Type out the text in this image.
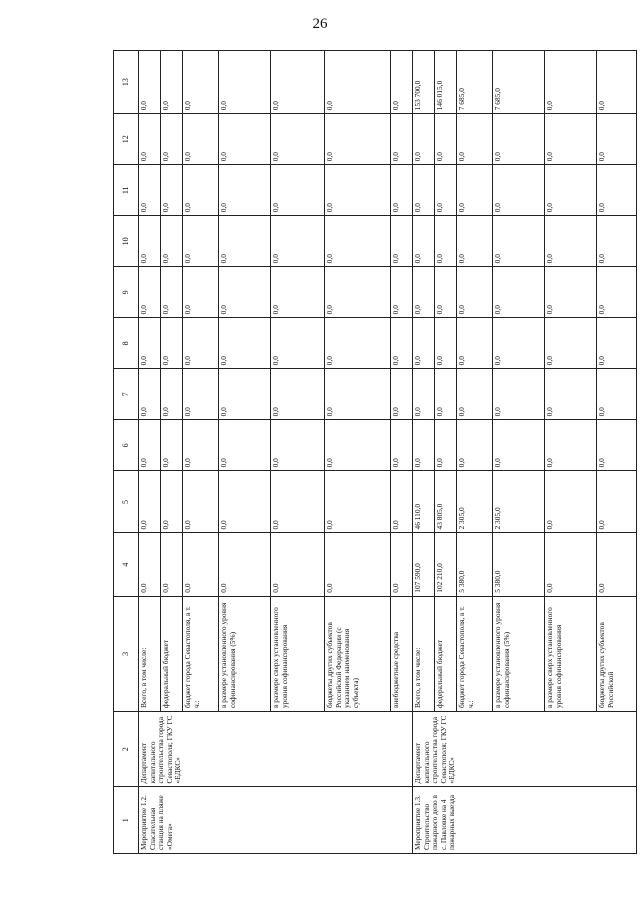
26
1	2	3	4	5	6	7	8	9	10	11	12	13
Мероприятие 1.2. Спасательная станция на пляже «Омега»	Департамент капитального строительства города Севастополя; ГКУ ГС «ЕДКС»	Всего, в том числе:	0,0	0,0	0,0	0,0	0,0	0,0	0,0	0,0	0,0	0,0
		федеральный бюджет	0,0	0,0	0,0	0,0	0,0	0,0	0,0	0,0	0,0	0,0
		бюджет города Севастополя, в т. ч.:	0,0	0,0	0,0	0,0	0,0	0,0	0,0	0,0	0,0	0,0
		в размере установленного уровня софинансирования (5%)	0,0	0,0	0,0	0,0	0,0	0,0	0,0	0,0	0,0	0,0
		в размере сверх установленного уровня софинансирования	0,0	0,0	0,0	0,0	0,0	0,0	0,0	0,0	0,0	0,0
		бюджеты других субъектов Российской Федерации (с указанием наименования субъекта)	0,0	0,0	0,0	0,0	0,0	0,0	0,0	0,0	0,0	0,0
		внебюджетные средства	0,0	0,0	0,0	0,0	0,0	0,0	0,0	0,0	0,0	0,0
Мероприятие 1.3. Строительство пожарного депо в с. Павловке на 4 пожарных выезда	Департамент капитального строительства города Севастополя; ГКУ ГС «ЕДКС»	Всего, в том числе:	107 590,0	46 110,0	0,0	0,0	0,0	0,0	0,0	0,0	0,0	153 700,0
		федеральный бюджет	102 210,0	43 805,0	0,0	0,0	0,0	0,0	0,0	0,0	0,0	146 015,0
		бюджет города Севастополя, в т. ч.:	5 380,0	2 305,0	0,0	0,0	0,0	0,0	0,0	0,0	0,0	7 685,0
		в размере установленного уровня софинансирования (5%)	5 380,0	2 305,0	0,0	0,0	0,0	0,0	0,0	0,0	0,0	7 685,0
		в размере сверх установленного уровня софинансирования	0,0	0,0	0,0	0,0	0,0	0,0	0,0	0,0	0,0	0,0
		бюджеты других субъектов Российской	0,0	0,0	0,0	0,0	0,0	0,0	0,0	0,0	0,0	0,0
